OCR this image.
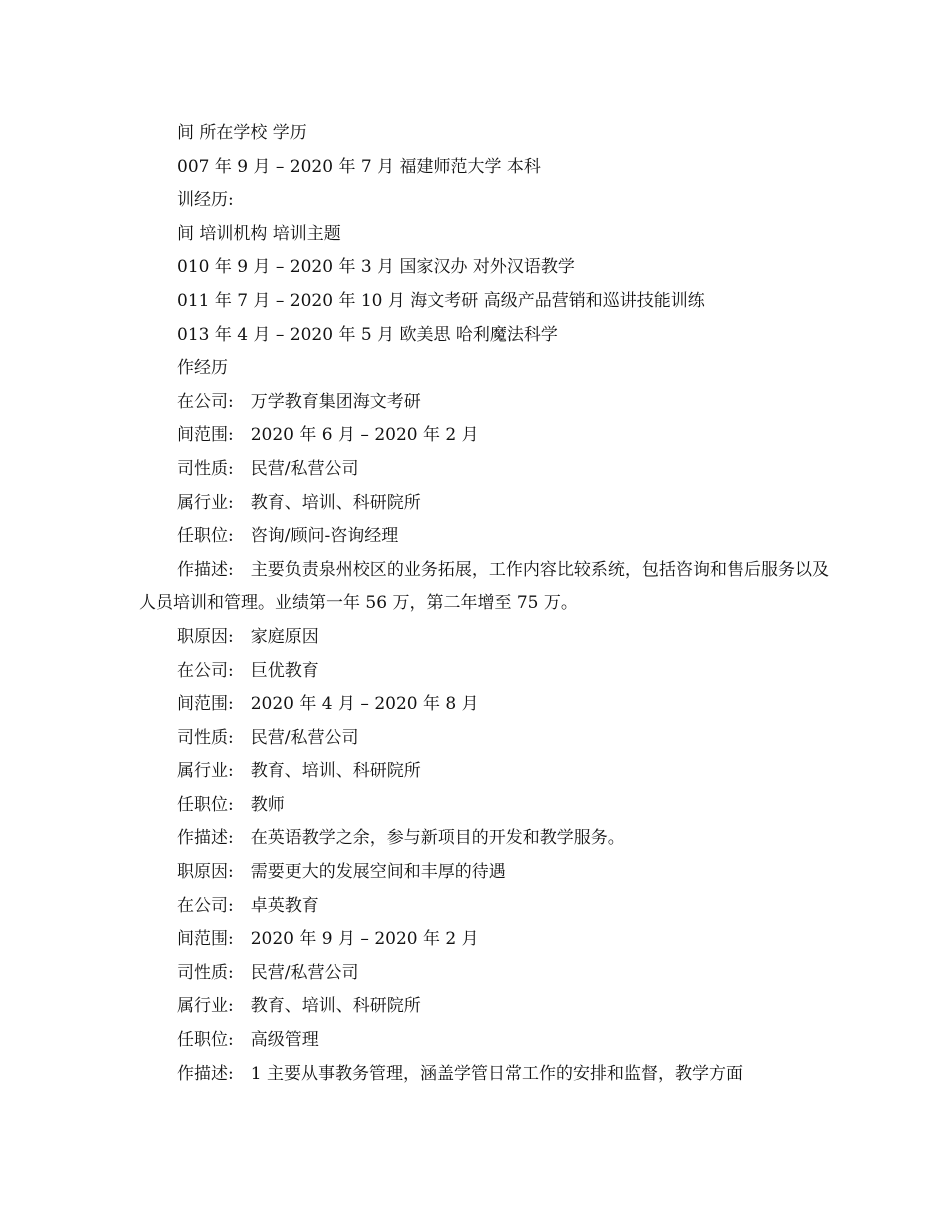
间 所在学校 学历
007 年 9 月 – 2020 年 7 月 福建师范大学 本科
训经历:
间 培训机构 培训主题
010 年 9 月 – 2020 年 3 月 国家汉办 对外汉语教学
011 年 7 月 – 2020 年 10 月 海文考研 高级产品营销和巡讲技能训练
013 年 4 月 – 2020 年 5 月 欧美思 哈利魔法科学
作经历
在公司:　万学教育集团海文考研
间范围:　2020 年 6 月 – 2020 年 2 月
司性质:　民营/私营公司
属行业:　教育、培训、科研院所
任职位:　咨询/顾问-咨询经理
作描述:　主要负责泉州校区的业务拓展，工作内容比较系统，包括咨询和售后服务以及人员培训和管理。业绩第一年 56 万，第二年增至 75 万。
职原因:　家庭原因
在公司:　巨优教育
间范围:　2020 年 4 月 – 2020 年 8 月
司性质:　民营/私营公司
属行业:　教育、培训、科研院所
任职位:　教师
作描述:　在英语教学之余，参与新项目的开发和教学服务。
职原因:　需要更大的发展空间和丰厚的待遇
在公司:　卓英教育
间范围:　2020 年 9 月 – 2020 年 2 月
司性质:　民营/私营公司
属行业:　教育、培训、科研院所
任职位:　高级管理
作描述:　1 主要从事教务管理，涵盖学管日常工作的安排和监督，教学方面
